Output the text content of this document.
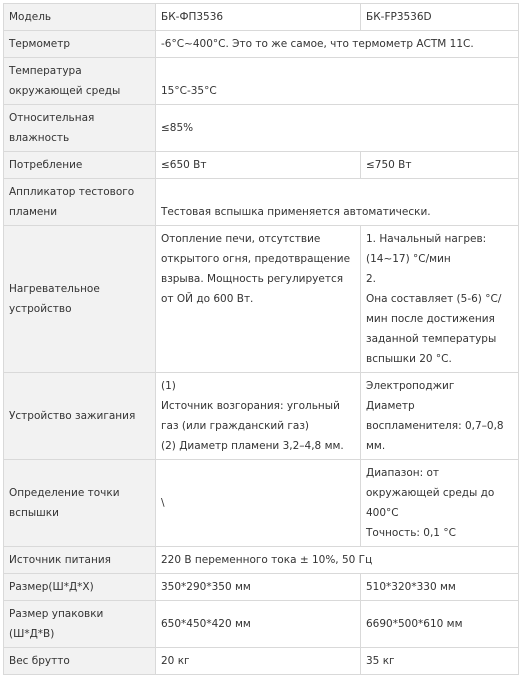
Модель	БК-ФП3536	БК-FP3536D
Термометр	-6°C~400°C. Это то же самое, что термометр АСТМ 11C.	
Температура окружающей среды	15°C-35°C	
Относительная влажность	≤85%	
Потребление	≤650 Вт	≤750 Вт
Аппликатор тестового пламени	Тестовая вспышка применяется автоматически.	
Нагревательное устройство	Отопление печи, отсутствие открытого огня, предотвращение взрыва. Мощность регулируется от ОЙ до 600 Вт.	1. Начальный нагрев: (14~17) °C/мин
2.
Она составляет (5-6) °C/мин после достижения заданной температуры вспышки 20 °C.

Устройство зажигания	(1)
Источник возгорания: угольный газ (или гражданский газ)
(2) Диаметр пламени 3,2–4,8 мм.	Электроподжиг
Диаметр воспламенителя: 0,7–0,8 мм.

Определение точки вспышки	\	Диапазон: от окружающей среды до 400°C
Точность: 0,1 °C

Источник питания	220 В переменного тока ± 10%, 50 Гц	
Размер(Ш*Д*Х)	350*290*350 мм	510*320*330 мм
Размер упаковки (Ш*Д*В)	650*450*420 мм	6690*500*610 мм
Вес брутто	20 кг	35 кг
